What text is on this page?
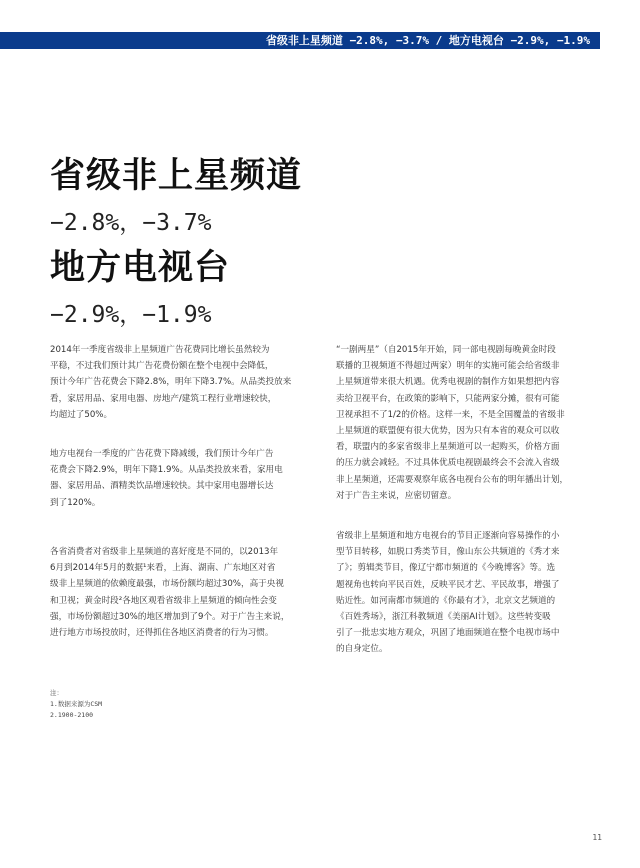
省级非上星频道 −2.8%, −3.7% / 地方电视台 −2.9%, −1.9%
省级非上星频道
−2.8%，−3.7%
地方电视台
−2.9%，−1.9%
2014年一季度省级非上星频道广告花费同比增长虽然较为
平稳，不过我们预计其广告花费份额在整个电视中会降低，
预计今年广告花费会下降2.8%，明年下降3.7%。从品类投放来
看，家居用品、家用电器、房地产/建筑工程行业增速较快，
均超过了50%。
地方电视台一季度的广告花费下降减缓，我们预计今年广告
花费会下降2.9%，明年下降1.9%。从品类投放来看，家用电
器、家居用品、酒精类饮品增速较快。其中家用电器增长达
到了120%。
各省消费者对省级非上星频道的喜好度是不同的，以2013年
6月到2014年5月的数据¹来看，上海、湖南、广东地区对省
级非上星频道的依赖度最强，市场份额均超过30%，高于央视
和卫视；黄金时段²各地区观看省级非上星频道的倾向性会变
强，市场份额超过30%的地区增加到了9个。对于广告主来说，
进行地方市场投放时，还得抓住各地区消费者的行为习惯。
“一剧两星”（自2015年开始，同一部电视剧每晚黄金时段
联播的卫视频道不得超过两家）明年的实施可能会给省级非
上星频道带来很大机遇。优秀电视剧的制作方如果想把内容
卖给卫视平台，在政策的影响下，只能两家分摊，很有可能
卫视承担不了1/2的价格。这样一来，不是全国覆盖的省级非
上星频道的联盟便有很大优势，因为只有本省的观众可以收
看，联盟内的多家省级非上星频道可以一起购买，价格方面
的压力就会减轻。不过具体优质电视剧最终会不会流入省级
非上星频道，还需要观察年底各电视台公布的明年播出计划，
对于广告主来说，应密切留意。
省级非上星频道和地方电视台的节目正逐渐向容易操作的小
型节目转移，如脱口秀类节目，像山东公共频道的《秀才来
了》；剪辑类节目，像辽宁都市频道的《今晚博客》等。选
题视角也转向平民百姓，反映平民才艺、平民故事，增强了
贴近性。如河南都市频道的《你最有才》，北京文艺频道的
《百姓秀场》，浙江科教频道《美丽AI计划》。这些转变吸
引了一批忠实地方观众，巩固了地面频道在整个电视市场中
的自身定位。
注：
1.数据来源为CSM
2.1900-2100
11
